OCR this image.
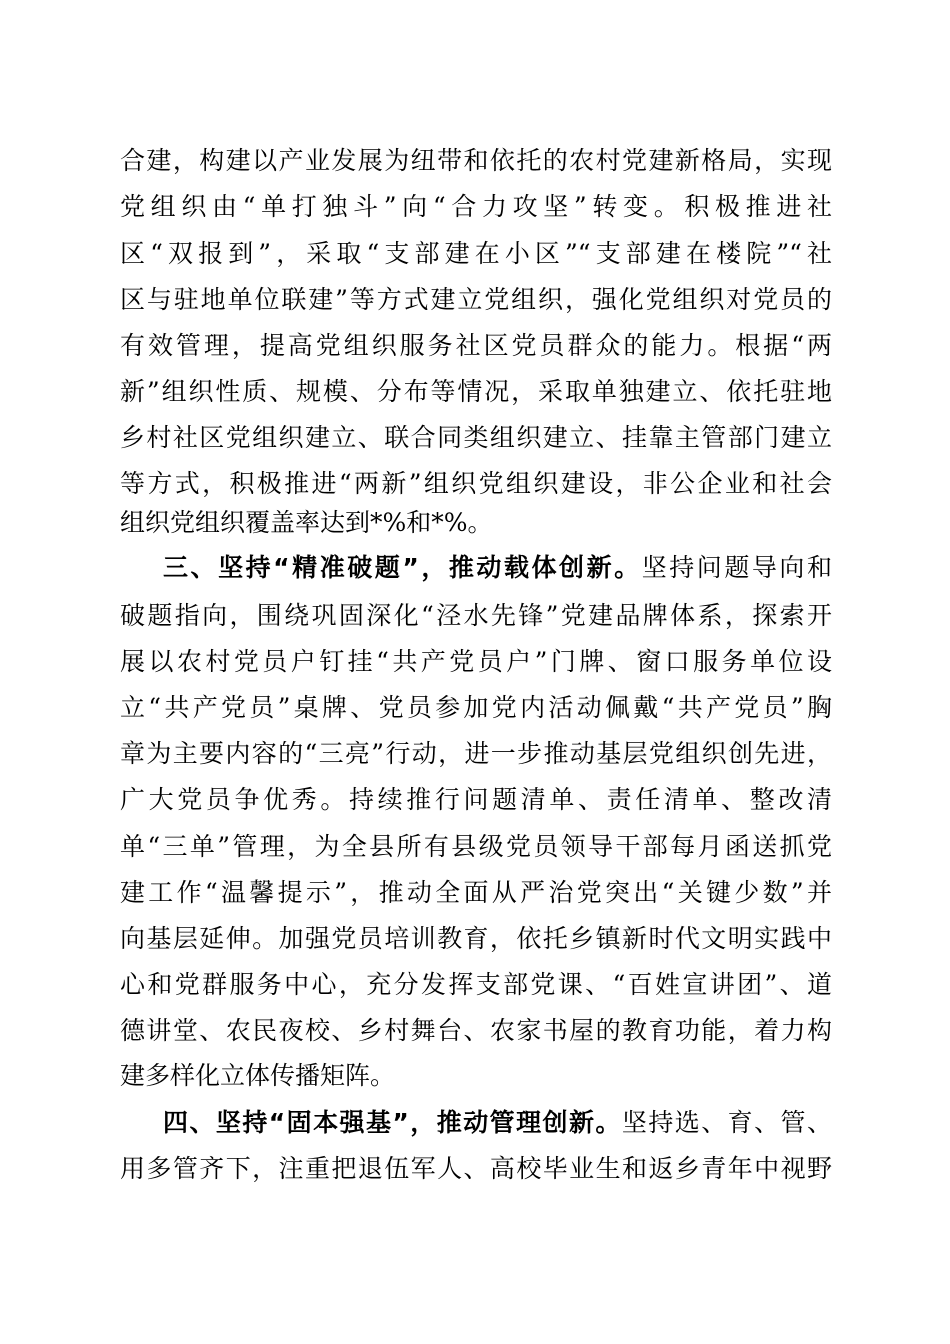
合建，构建以产业发展为纽带和依托的农村党建新格局，实现
党组织由“单打独斗”向“合力攻坚”转变。积极推进社
区“双报到”，采取“支部建在小区”“支部建在楼院”“社
区与驻地单位联建”等方式建立党组织，强化党组织对党员的
有效管理，提高党组织服务社区党员群众的能力。根据“两
新”组织性质、规模、分布等情况，采取单独建立、依托驻地
乡村社区党组织建立、联合同类组织建立、挂靠主管部门建立
等方式，积极推进“两新”组织党组织建设，非公企业和社会
组织党组织覆盖率达到*%和*%。
三、坚持“精准破题”，推动载体创新。坚持问题导向和
破题指向，围绕巩固深化“泾水先锋”党建品牌体系，探索开
展以农村党员户钉挂“共产党员户”门牌、窗口服务单位设
立“共产党员”桌牌、党员参加党内活动佩戴“共产党员”胸
章为主要内容的“三亮”行动，进一步推动基层党组织创先进，
广大党员争优秀。持续推行问题清单、责任清单、整改清
单“三单”管理，为全县所有县级党员领导干部每月函送抓党
建工作“温馨提示”，推动全面从严治党突出“关键少数”并
向基层延伸。加强党员培训教育，依托乡镇新时代文明实践中
心和党群服务中心，充分发挥支部党课、“百姓宣讲团”、道
德讲堂、农民夜校、乡村舞台、农家书屋的教育功能，着力构
建多样化立体传播矩阵。
四、坚持“固本强基”，推动管理创新。坚持选、育、管、
用多管齐下，注重把退伍军人、高校毕业生和返乡青年中视野
